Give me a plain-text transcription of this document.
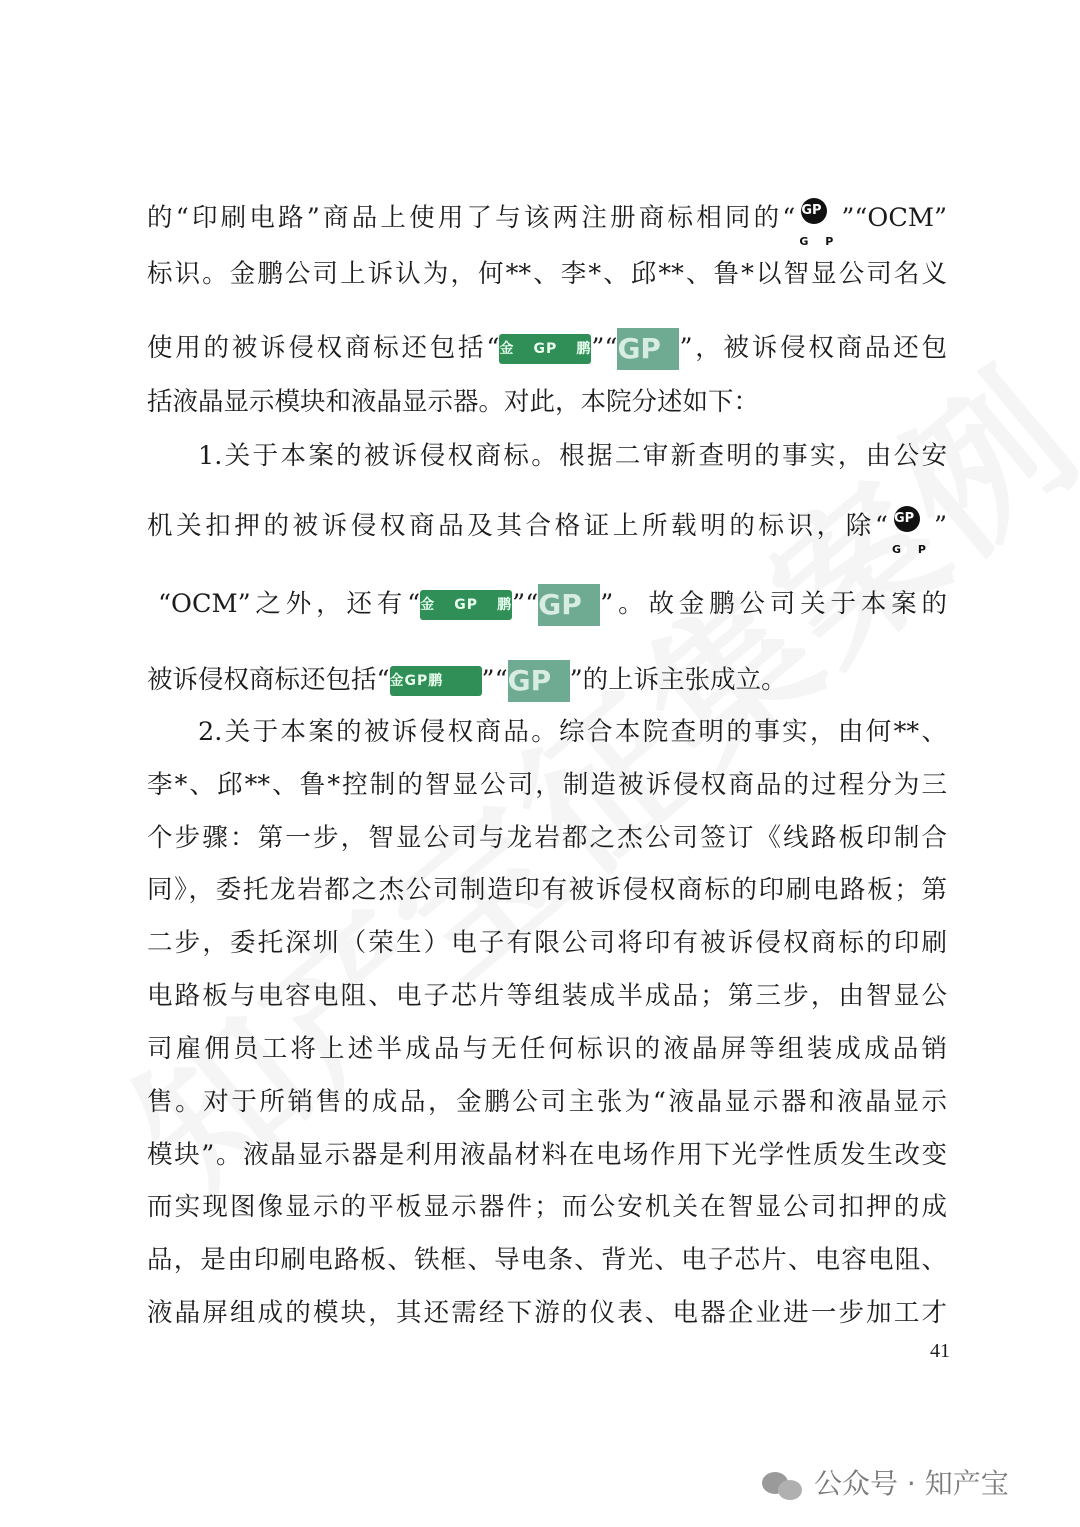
的“印刷电路”商品上使用了与该两注册商标相同的“ GP
G P
”“OCM”
标识。金鹏公司上诉认为，何**、李*、邱**、鲁*以智显公司名义
使用的被诉侵权商标还包括“金GP鹏”“GP ”，被诉侵权商品还包
括液晶显示模块和液晶显示器。对此，本院分述如下：
1.关于本案的被诉侵权商标。根据二审新查明的事实，由公安
机关扣押的被诉侵权商品及其合格证上所载明的标识，除“ GP
G P
”
“OCM”之外，还有“金GP鹏”“GP ”。故金鹏公司关于本案的
被诉侵权商标还包括“金GP鹏 ”“GP ”的上诉主张成立。
2.关于本案的被诉侵权商品。综合本院查明的事实，由何**、
李*、邱**、鲁*控制的智显公司，制造被诉侵权商品的过程分为三
个步骤：第一步，智显公司与龙岩都之杰公司签订《线路板印制合
同》，委托龙岩都之杰公司制造印有被诉侵权商标的印刷电路板；第
二步，委托深圳（荣生）电子有限公司将印有被诉侵权商标的印刷
电路板与电容电阻、电子芯片等组装成半成品；第三步，由智显公
司雇佣员工将上述半成品与无任何标识的液晶屏等组装成成品销
售。对于所销售的成品，金鹏公司主张为“液晶显示器和液晶显示
模块”。液晶显示器是利用液晶材料在电场作用下光学性质发生改变
而实现图像显示的平板显示器件；而公安机关在智显公司扣押的成
品，是由印刷电路板、铁框、导电条、背光、电子芯片、电容电阻、
液晶屏组成的模块，其还需经下游的仪表、电器企业进一步加工才
41
公众号 · 知产宝
